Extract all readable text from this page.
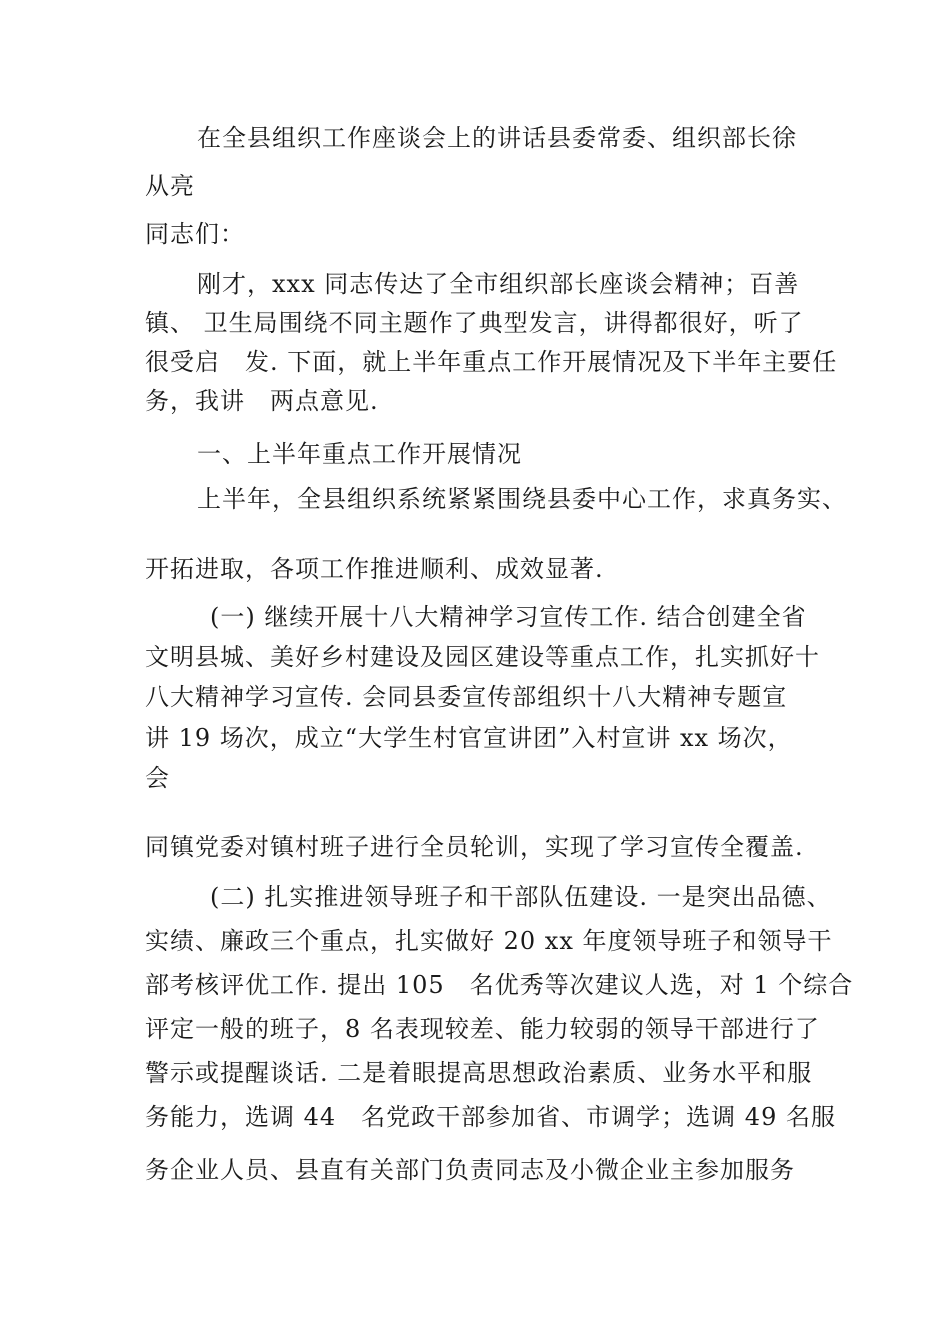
在全县组织工作座谈会上的讲话县委常委、组织部长徐

从亮

同志们：

刚才，xxx 同志传达了全市组织部长座谈会精神；百善

镇、 卫生局围绕不同主题作了典型发言，讲得都很好，听了

很受启　发. 下面，就上半年重点工作开展情况及下半年主要任

务，我讲　两点意见.

一、上半年重点工作开展情况

上半年，全县组织系统紧紧围绕县委中心工作，求真务实、

开拓进取，各项工作推进顺利、成效显著.

(一) 继续开展十八大精神学习宣传工作. 结合创建全省

文明县城、美好乡村建设及园区建设等重点工作，扎实抓好十

八大精神学习宣传. 会同县委宣传部组织十八大精神专题宣

讲 19 场次，成立“大学生村官宣讲团”入村宣讲 xx 场次，

会

同镇党委对镇村班子进行全员轮训，实现了学习宣传全覆盖.

(二) 扎实推进领导班子和干部队伍建设. 一是突出品德、

实绩、廉政三个重点，扎实做好 20 xx 年度领导班子和领导干

部考核评优工作. 提出 105　名优秀等次建议人选，对 1 个综合

评定一般的班子，8 名表现较差、能力较弱的领导干部进行了

警示或提醒谈话. 二是着眼提高思想政治素质、业务水平和服

务能力，选调 44　名党政干部参加省、市调学；选调 49 名服

务企业人员、县直有关部门负责同志及小微企业主参加服务
